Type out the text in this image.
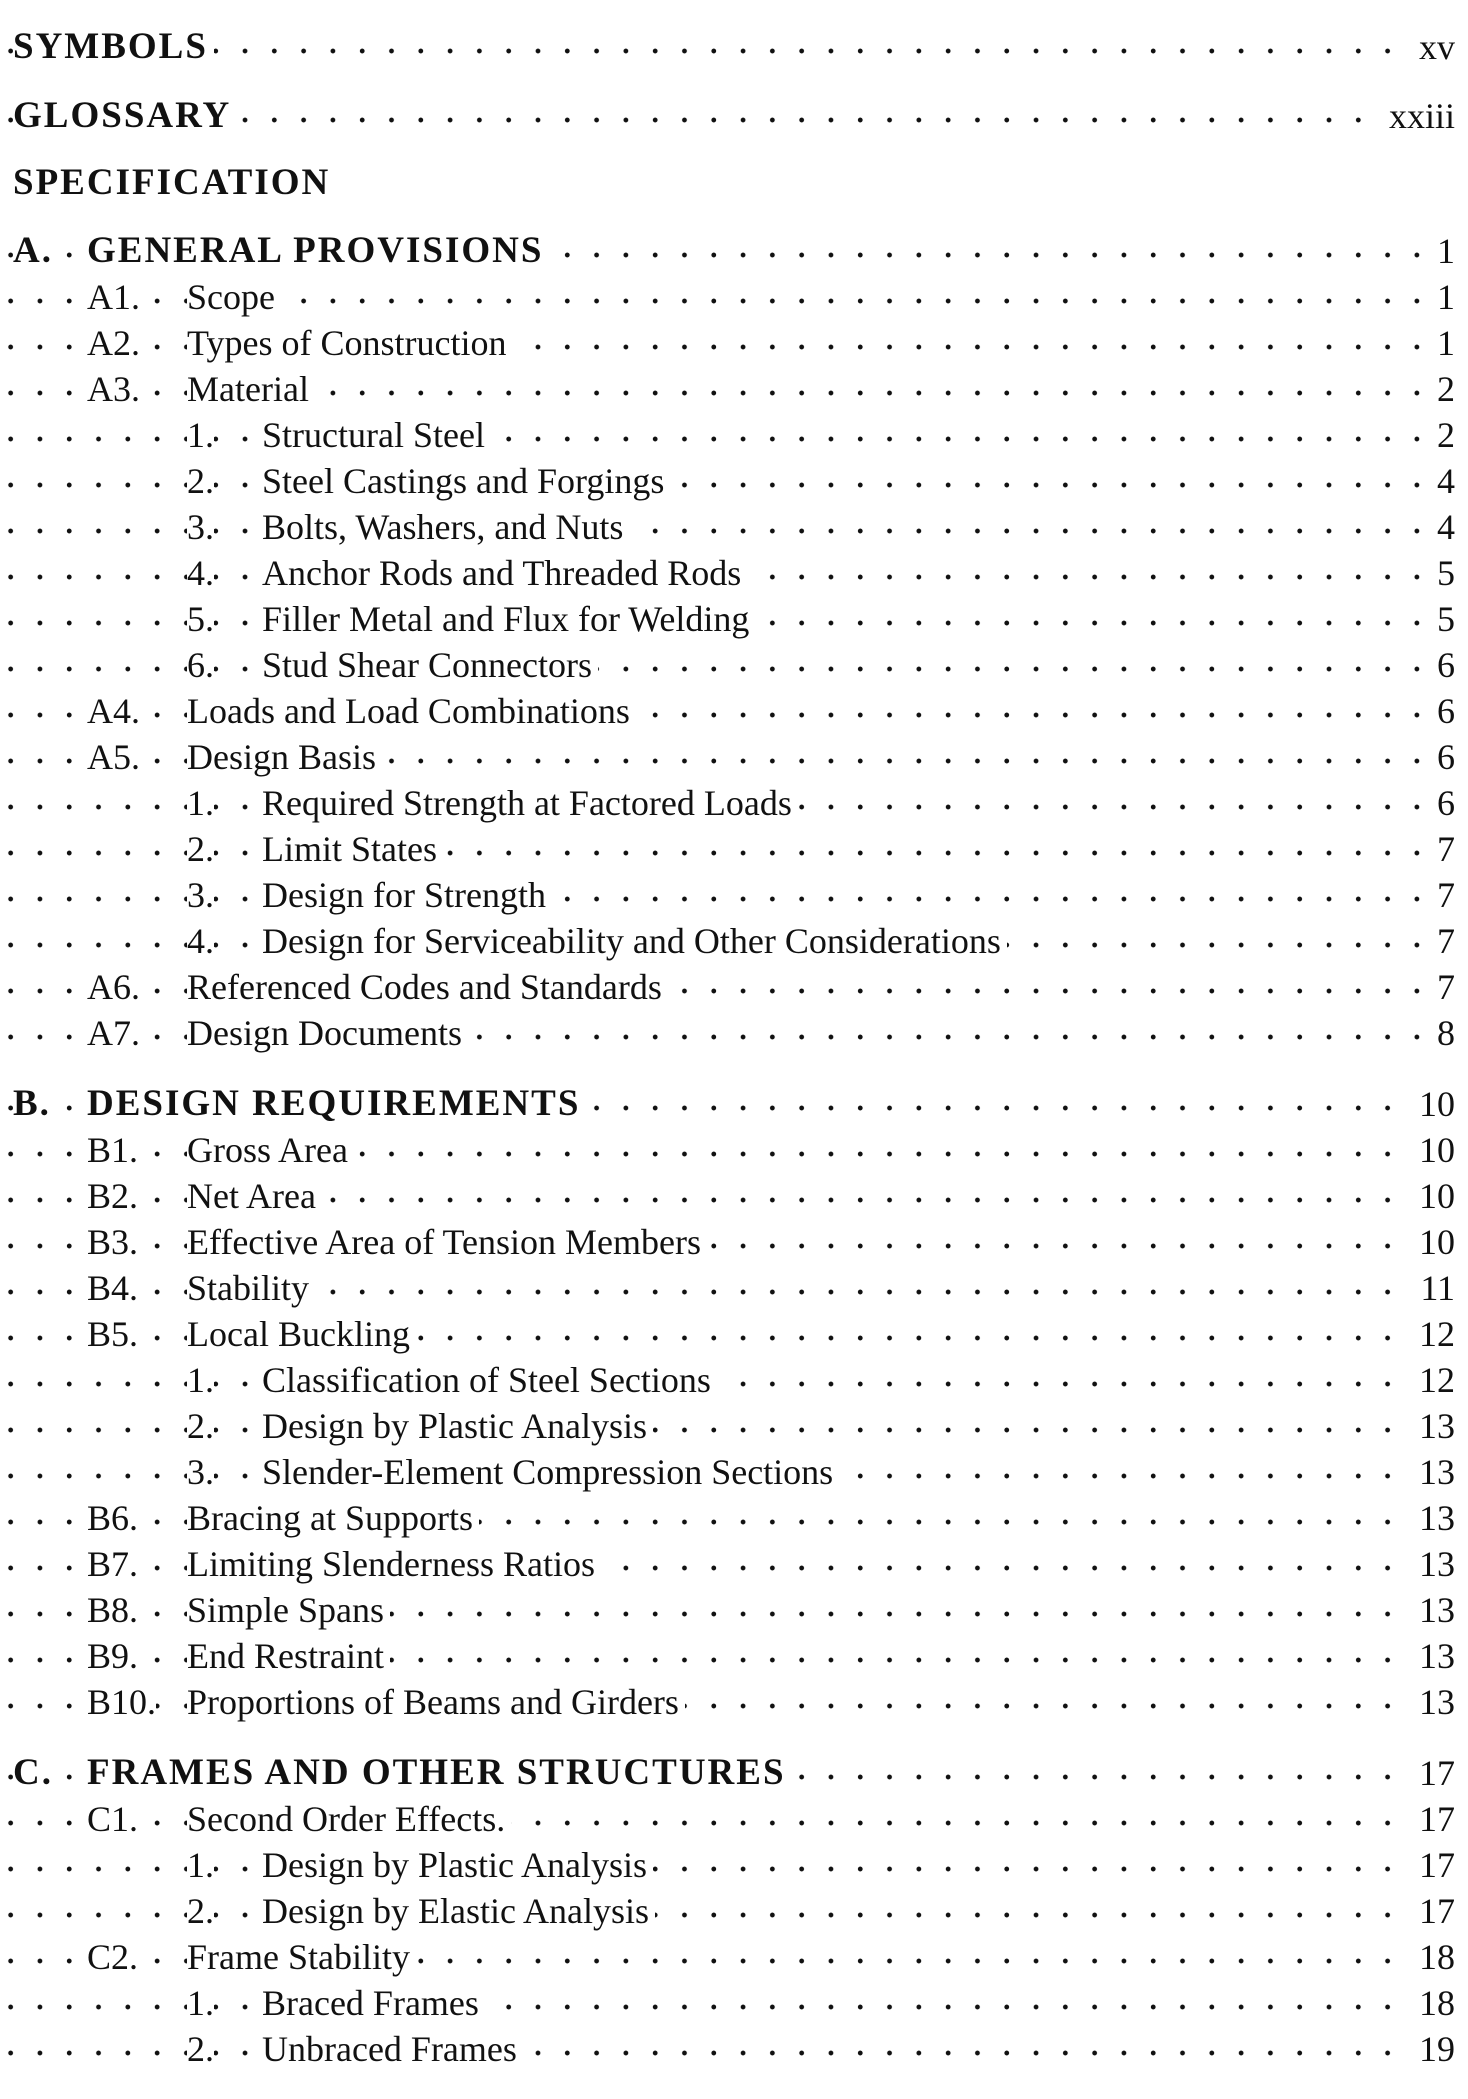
SYMBOLS	xv
GLOSSARY	xxiii
SPECIFICATION
A. GENERAL PROVISIONS	1
A1. Scope	1
A2. Types of Construction	1
A3. Material	2
1. Structural Steel	2
2. Steel Castings and Forgings	4
3. Bolts, Washers, and Nuts	4
4. Anchor Rods and Threaded Rods	5
5. Filler Metal and Flux for Welding	5
6. Stud Shear Connectors	6
A4. Loads and Load Combinations	6
A5. Design Basis	6
1. Required Strength at Factored Loads	6
2. Limit States	7
3. Design for Strength	7
4. Design for Serviceability and Other Considerations	7
A6. Referenced Codes and Standards	7
A7. Design Documents	8
B. DESIGN REQUIREMENTS	10
B1. Gross Area	10
B2. Net Area	10
B3. Effective Area of Tension Members	10
B4. Stability	11
B5. Local Buckling	12
1. Classification of Steel Sections	12
2. Design by Plastic Analysis	13
3. Slender-Element Compression Sections	13
B6. Bracing at Supports	13
B7. Limiting Slenderness Ratios	13
B8. Simple Spans	13
B9. End Restraint	13
B10. Proportions of Beams and Girders	13
C. FRAMES AND OTHER STRUCTURES	17
C1. Second Order Effects.	17
1. Design by Plastic Analysis	17
2. Design by Elastic Analysis	17
C2. Frame Stability	18
1. Braced Frames	18
2. Unbraced Frames	19
